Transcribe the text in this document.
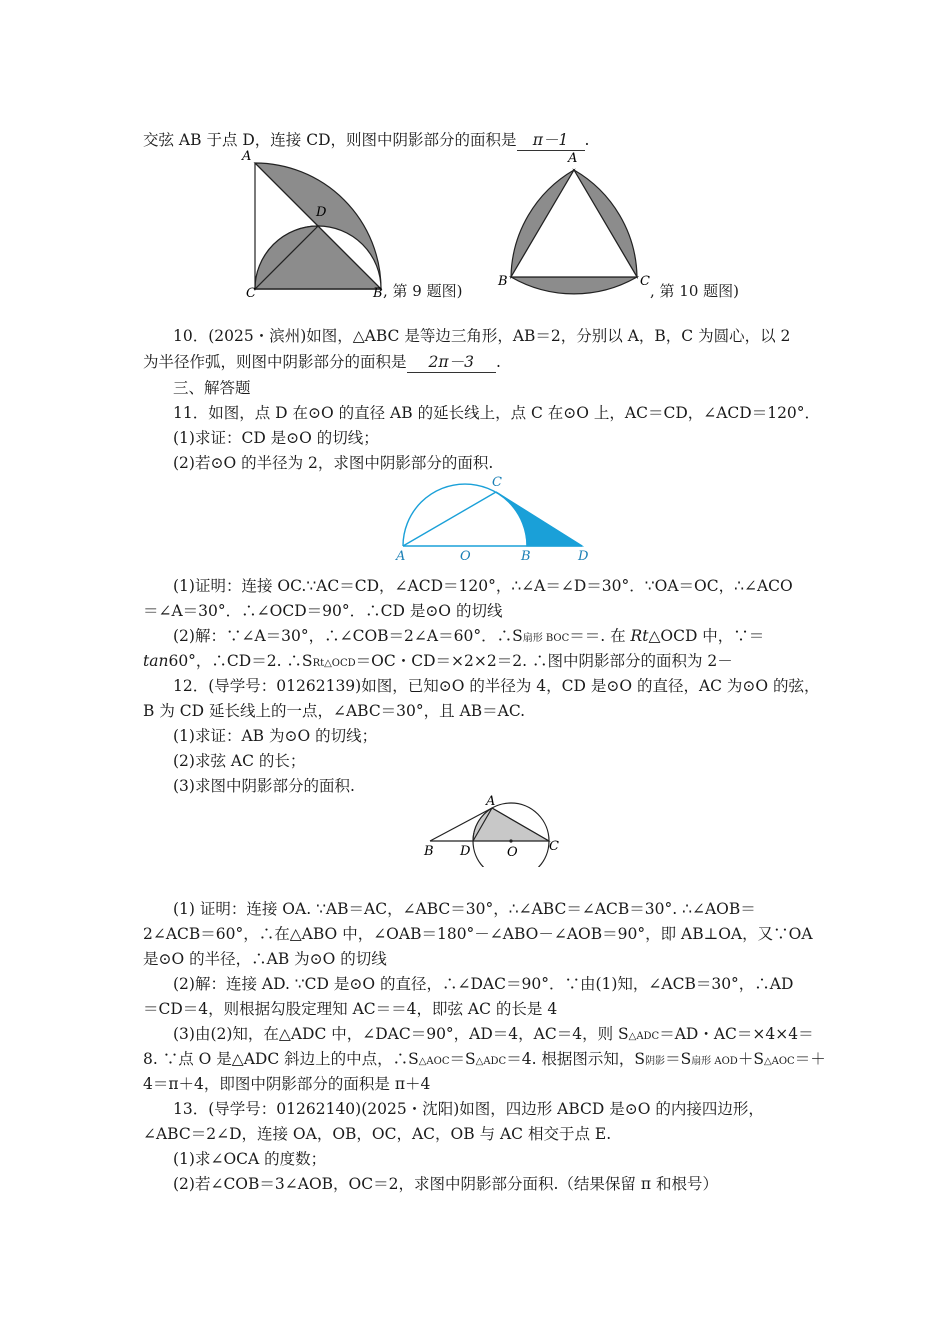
交弦 AB 于点 D，连接 CD，则图中阴影部分的面积是 π－1 .
A
D
C	B , 第 9 题图)
A
B	C
, 第 10 题图)
10．(2025・滨州)如图，△ABC 是等边三角形，AB＝2，分别以 A，B，C 为圆心，以 2
为半径作弧，则图中阴影部分的面积是 2π－3 .
三、解答题
11．如图，点 D 在⊙O 的直径 AB 的延长线上，点 C 在⊙O 上，AC＝CD，∠ACD＝120°．
(1)求证：CD 是⊙O 的切线；
(2)若⊙O 的半径为 2，求图中阴影部分的面积.
A	O	B	D
C
(1)证明：连接 OC.∵AC＝CD，∠ACD＝120°，∴∠A＝∠D＝30°．∵OA＝OC，∴∠ACO
＝∠A＝30°．∴∠OCD＝90°．∴CD 是⊙O 的切线
(2)解：∵∠A＝30°，∴∠COB＝2∠A＝60°．∴S扇形 BOC＝＝. 在 Rt△OCD 中，∵＝
tan60°，∴CD＝2. ∴SRt△OCD＝OC・CD＝×2×2＝2. ∴图中阴影部分的面积为 2－
12．(导学号：01262139)如图，已知⊙O 的半径为 4，CD 是⊙O 的直径，AC 为⊙O 的弦，
B 为 CD 延长线上的一点，∠ABC＝30°，且 AB＝AC.
(1)求证：AB 为⊙O 的切线；
(2)求弦 AC 的长；
(3)求图中阴影部分的面积.
A
B D	O C
(1) 证明：连接 OA. ∵AB＝AC，∠ABC＝30°，∴∠ABC＝∠ACB＝30°. ∴∠AOB＝
2∠ACB＝60°，∴在△ABO 中，∠OAB＝180°－∠ABO－∠AOB＝90°，即 AB⊥OA，又∵OA
是⊙O 的半径，∴AB 为⊙O 的切线
(2)解：连接 AD. ∵CD 是⊙O 的直径，∴∠DAC＝90°．∵由(1)知，∠ACB＝30°，∴AD
＝CD＝4，则根据勾股定理知 AC＝＝4，即弦 AC 的长是 4
(3)由(2)知，在△ADC 中，∠DAC＝90°，AD＝4，AC＝4，则 S△ADC＝AD・AC＝×4×4＝
8. ∵点 O 是△ADC 斜边上的中点，∴S△AOC＝S△ADC＝4. 根据图示知，S阴影＝S扇形 AOD＋S△AOC＝＋
4＝π＋4，即图中阴影部分的面积是 π＋4
13．(导学号：01262140)(2025・沈阳)如图，四边形 ABCD 是⊙O 的内接四边形，
∠ABC＝2∠D，连接 OA，OB，OC，AC，OB 与 AC 相交于点 E.
(1)求∠OCA 的度数；
(2)若∠COB＝3∠AOB，OC＝2，求图中阴影部分面积.（结果保留 π 和根号）
